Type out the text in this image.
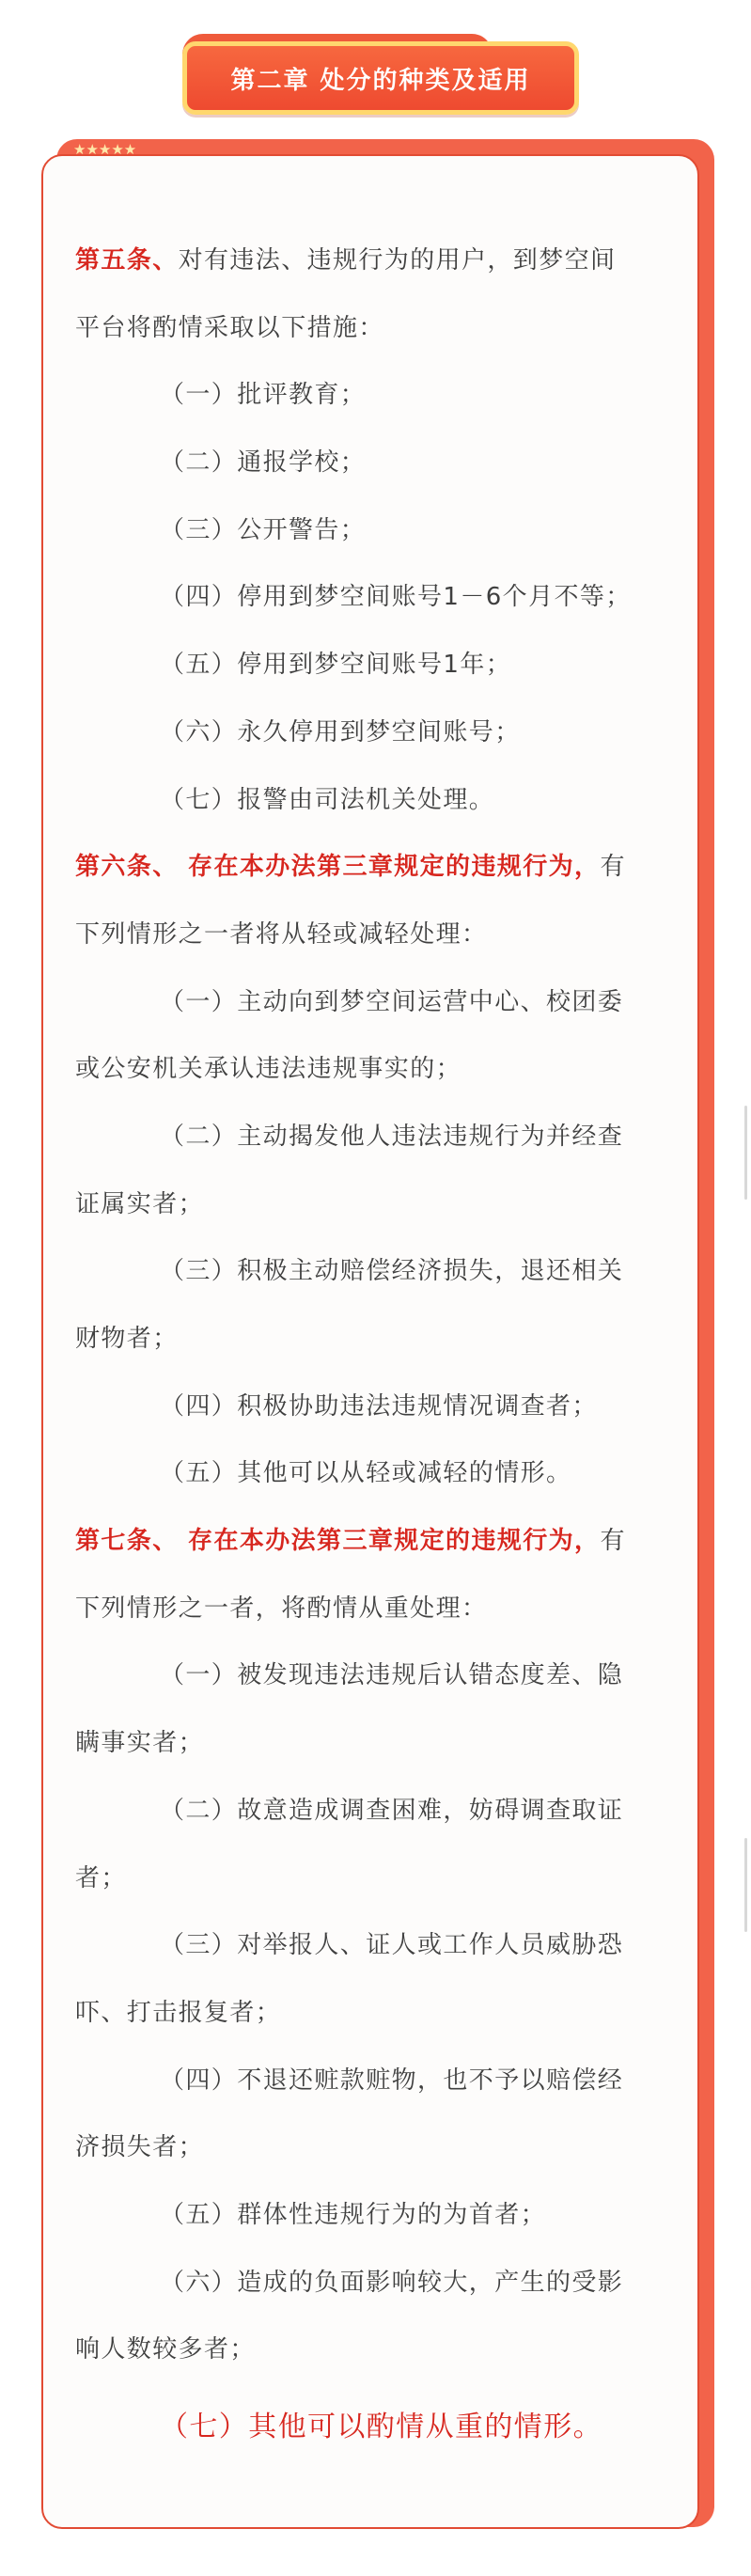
第二章 处分的种类及适用
第五条、对有违法、违规行为的用户，到梦空间
平台将酌情采取以下措施：
（一）批评教育；
（二）通报学校；
（三）公开警告；
（四）停用到梦空间账号1－6个月不等；
（五）停用到梦空间账号1年；
（六）永久停用到梦空间账号；
（七）报警由司法机关处理。
第六条、 存在本办法第三章规定的违规行为，有
下列情形之一者将从轻或减轻处理：
（一）主动向到梦空间运营中心、校团委
或公安机关承认违法违规事实的；
（二）主动揭发他人违法违规行为并经查
证属实者；
（三）积极主动赔偿经济损失，退还相关
财物者；
（四）积极协助违法违规情况调查者；
（五）其他可以从轻或减轻的情形。
第七条、 存在本办法第三章规定的违规行为，有
下列情形之一者，将酌情从重处理：
（一）被发现违法违规后认错态度差、隐
瞒事实者；
（二）故意造成调查困难，妨碍调查取证
者；
（三）对举报人、证人或工作人员威胁恐
吓、打击报复者；
（四）不退还赃款赃物，也不予以赔偿经
济损失者；
（五）群体性违规行为的为首者；
（六）造成的负面影响较大，产生的受影
响人数较多者；
（七）其他可以酌情从重的情形。
★★★★★
